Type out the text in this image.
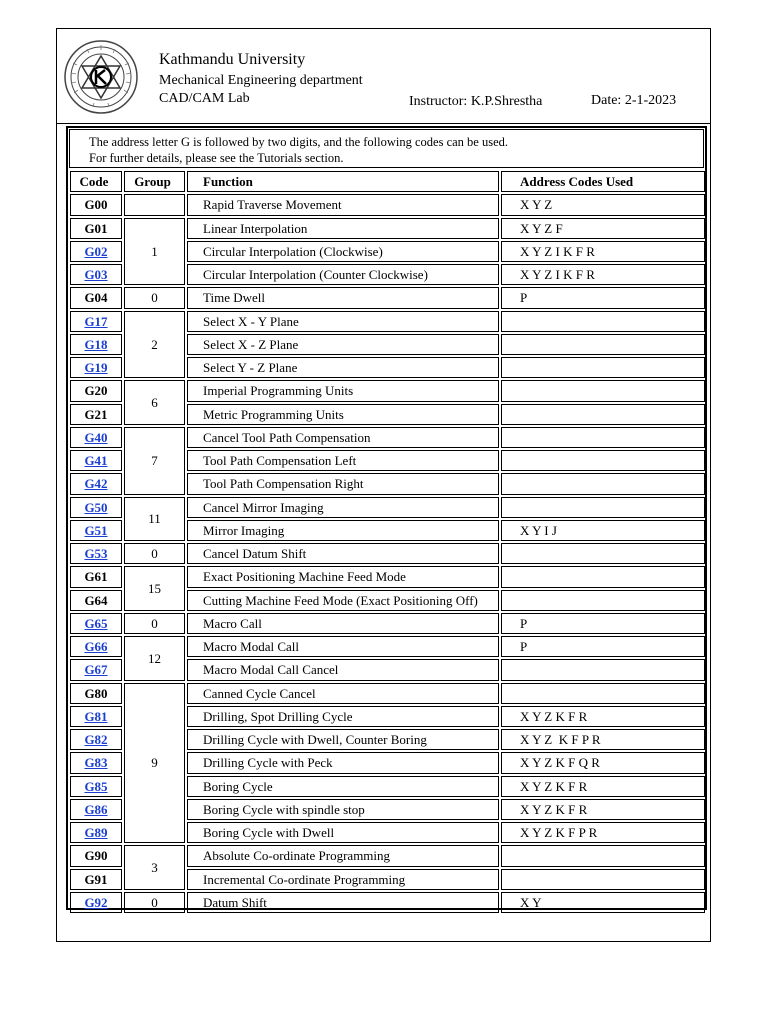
Kathmandu University
Mechanical Engineering department
CAD/CAM Lab	Instructor: K.P.Shrestha	Date: 2-1-2023
The address letter G is followed by two digits, and the following codes can be used.
For further details, please see the Tutorials section.
Code	Group	Function	Address Codes Used
G00		Rapid Traverse Movement	X Y Z
G01	1	Linear Interpolation	X Y Z F
G02		Circular Interpolation (Clockwise)	X Y Z I K F R
G03		Circular Interpolation (Counter Clockwise)	X Y Z I K F R
G04	0	Time Dwell	P
G17	2	Select X - Y Plane	
G18		Select X - Z Plane	
G19		Select Y - Z Plane	
G20	6	Imperial Programming Units	
G21		Metric Programming Units	
G40	7	Cancel Tool Path Compensation	
G41		Tool Path Compensation Left	
G42		Tool Path Compensation Right	
G50	11	Cancel Mirror Imaging	
G51		Mirror Imaging	X Y I J
G53	0	Cancel Datum Shift	
G61	15	Exact Positioning Machine Feed Mode	
G64		Cutting Machine Feed Mode (Exact Positioning Off)	
G65	0	Macro Call	P
G66	12	Macro Modal Call	P
G67		Macro Modal Call Cancel	
G80	9	Canned Cycle Cancel	
G81		Drilling, Spot Drilling Cycle	X Y Z K F R
G82		Drilling Cycle with Dwell, Counter Boring	X Y Z  K F P R
G83		Drilling Cycle with Peck	X Y Z K F Q R
G85		Boring Cycle	X Y Z K F R
G86		Boring Cycle with spindle stop	X Y Z K F R
G89		Boring Cycle with Dwell	X Y Z K F P R
G90	3	Absolute Co-ordinate Programming	
G91		Incremental Co-ordinate Programming	
G92	0	Datum Shift	X Y
